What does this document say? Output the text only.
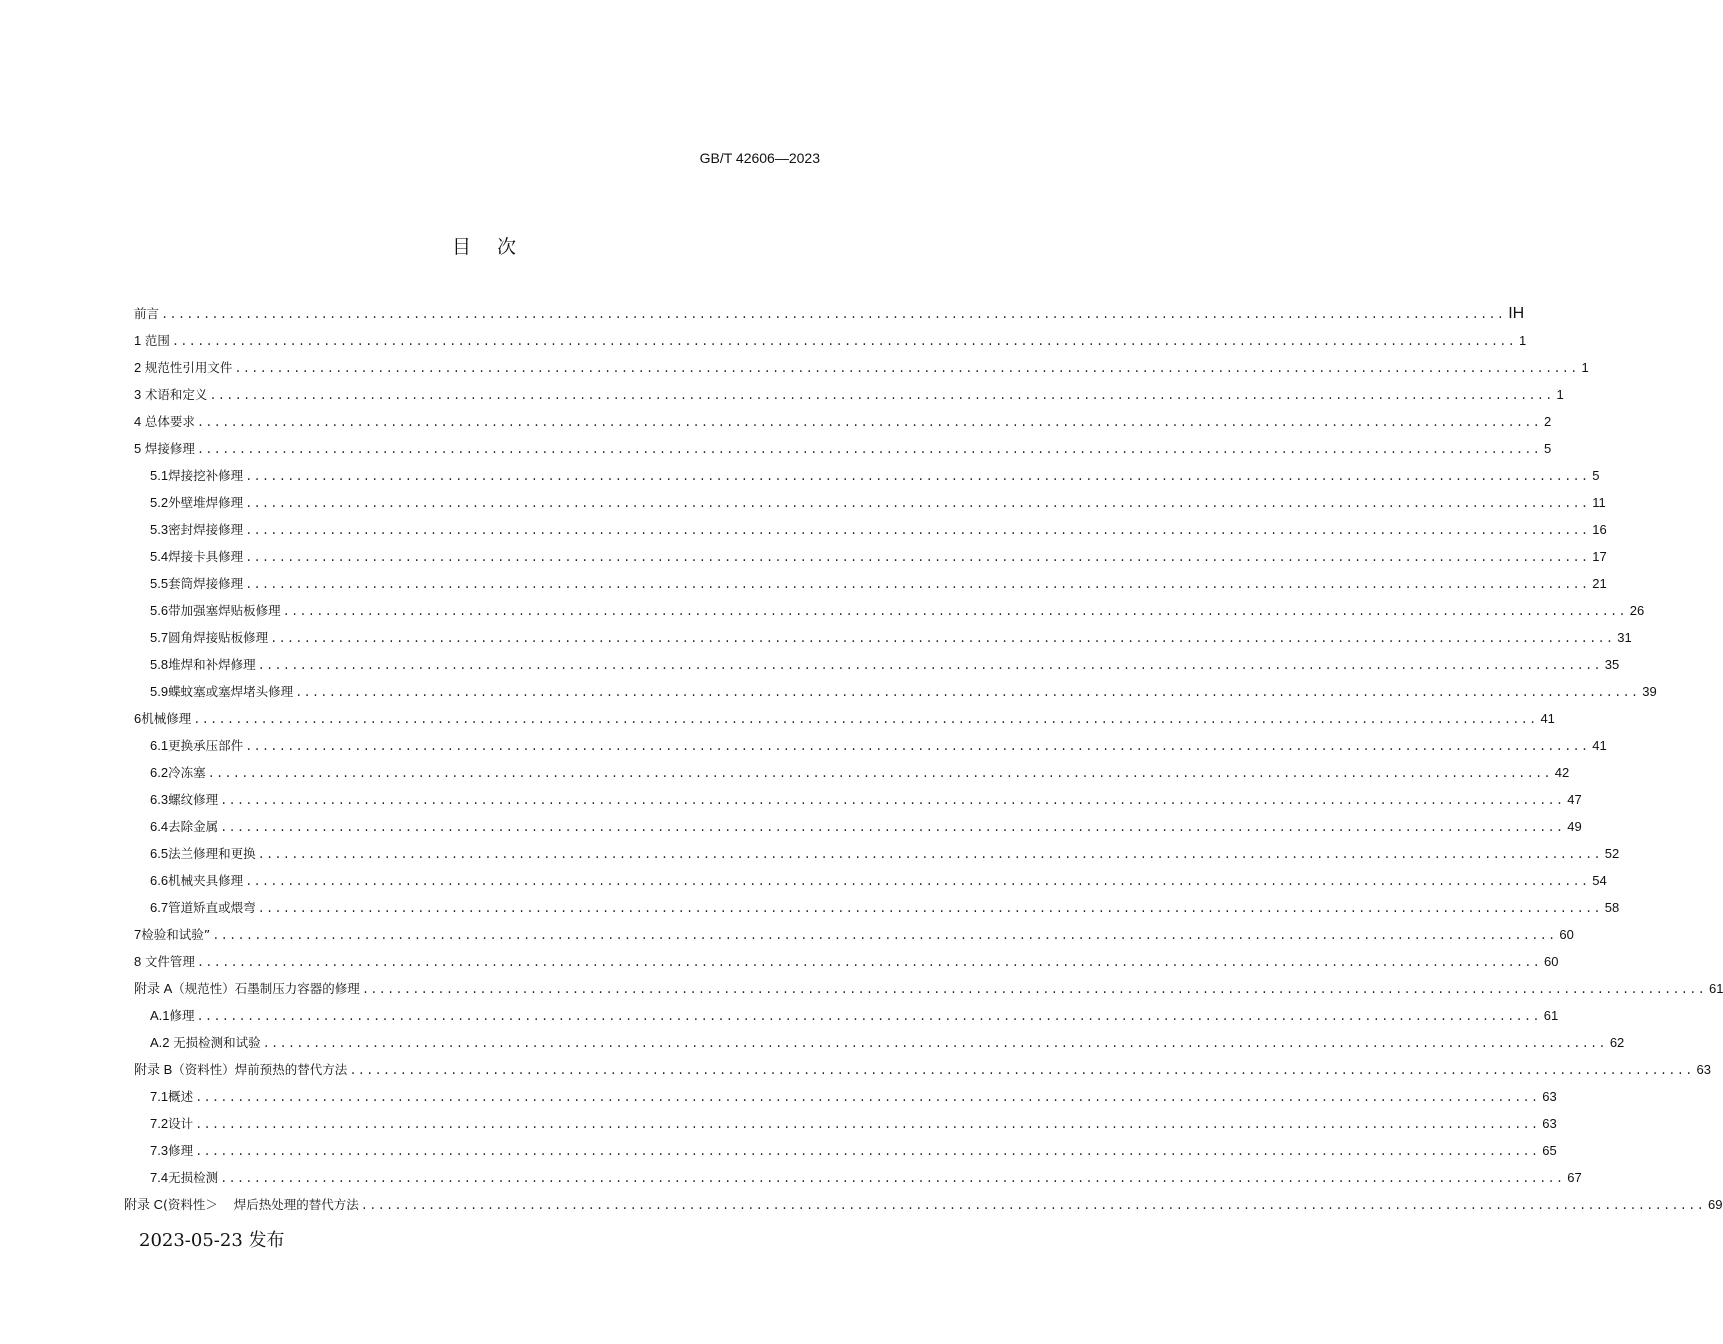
GB/T 42606—2023
目 次
前言 ................................................................................................................................................................ IH
1 范围 ................................................................................................................................................................ 1
2 规范性引用文件 ................................................................................................................................................................ 1
3 术语和定义 ................................................................................................................................................................ 1
4 总体要求 ................................................................................................................................................................ 2
5 焊接修理 ................................................................................................................................................................ 5
5.1 焊接挖补修理 ................................................................................................................................................................ 5
5.2 外壁堆焊修理 ................................................................................................................................................................ 11
5.3 密封焊接修理 ................................................................................................................................................................ 16
5.4 焊接卡具修理 ................................................................................................................................................................ 17
5.5 套筒焊接修理 ................................................................................................................................................................ 21
5.6 带加强塞焊贴板修理 ................................................................................................................................................................ 26
5.7 圆角焊接贴板修理 ................................................................................................................................................................ 31
5.8 堆焊和补焊修理 ................................................................................................................................................................ 35
5.9 蝶蚊塞或塞焊堵头修理 ................................................................................................................................................................ 39
6 机械修理 ................................................................................................................................................................ 41
6.1 更换承压部件 ................................................................................................................................................................ 41
6.2 冷冻塞 ................................................................................................................................................................ 42
6.3 螺纹修理 ................................................................................................................................................................ 47
6.4 去除金属 ................................................................................................................................................................ 49
6.5 法兰修理和更换 ................................................................................................................................................................ 52
6.6 机械夹具修理 ................................................................................................................................................................ 54
6.7 管道矫直或煨弯 ................................................................................................................................................................ 58
7 检验和试验” ................................................................................................................................................................ 60
8 文件管理 ................................................................................................................................................................ 60
附录 A （规范性）石墨制压力容器的修理 ................................................................................................................................................................ 61
A.1 修理 ................................................................................................................................................................ 61
A.2 无损检测和试验 ................................................................................................................................................................ 62
附录 B （资料性）焊前预热的替代方法 ................................................................................................................................................................ 63
7.1 概述 ................................................................................................................................................................ 63
7.2 设计 ................................................................................................................................................................ 63
7.3 修理 ................................................................................................................................................................ 65
7.4 无损检测 ................................................................................................................................................................ 67
附录 C (资料性＞    焊后热处理的替代方法 ................................................................................................................................................................ 69
2023-05-23 发布
